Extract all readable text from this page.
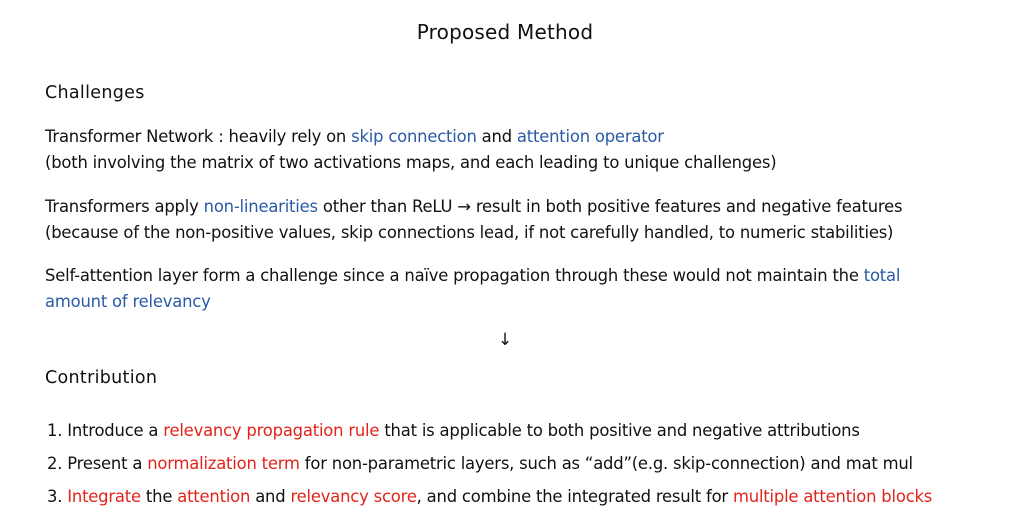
Proposed Method
Challenges
Transformer Network : heavily rely on skip connection and attention operator
(both involving the matrix of two activations maps, and each leading to unique challenges)
Transformers apply non-linearities other than ReLU → result in both positive features and negative features
(because of the non-positive values, skip connections lead, if not carefully handled, to numeric stabilities)
Self-attention layer form a challenge since a naïve propagation through these would not maintain the total
amount of relevancy
↓
Contribution
1. Introduce a relevancy propagation rule that is applicable to both positive and negative attributions
2. Present a normalization term for non-parametric layers, such as “add”(e.g. skip-connection) and mat mul
3. Integrate the attention and relevancy score, and combine the integrated result for multiple attention blocks
